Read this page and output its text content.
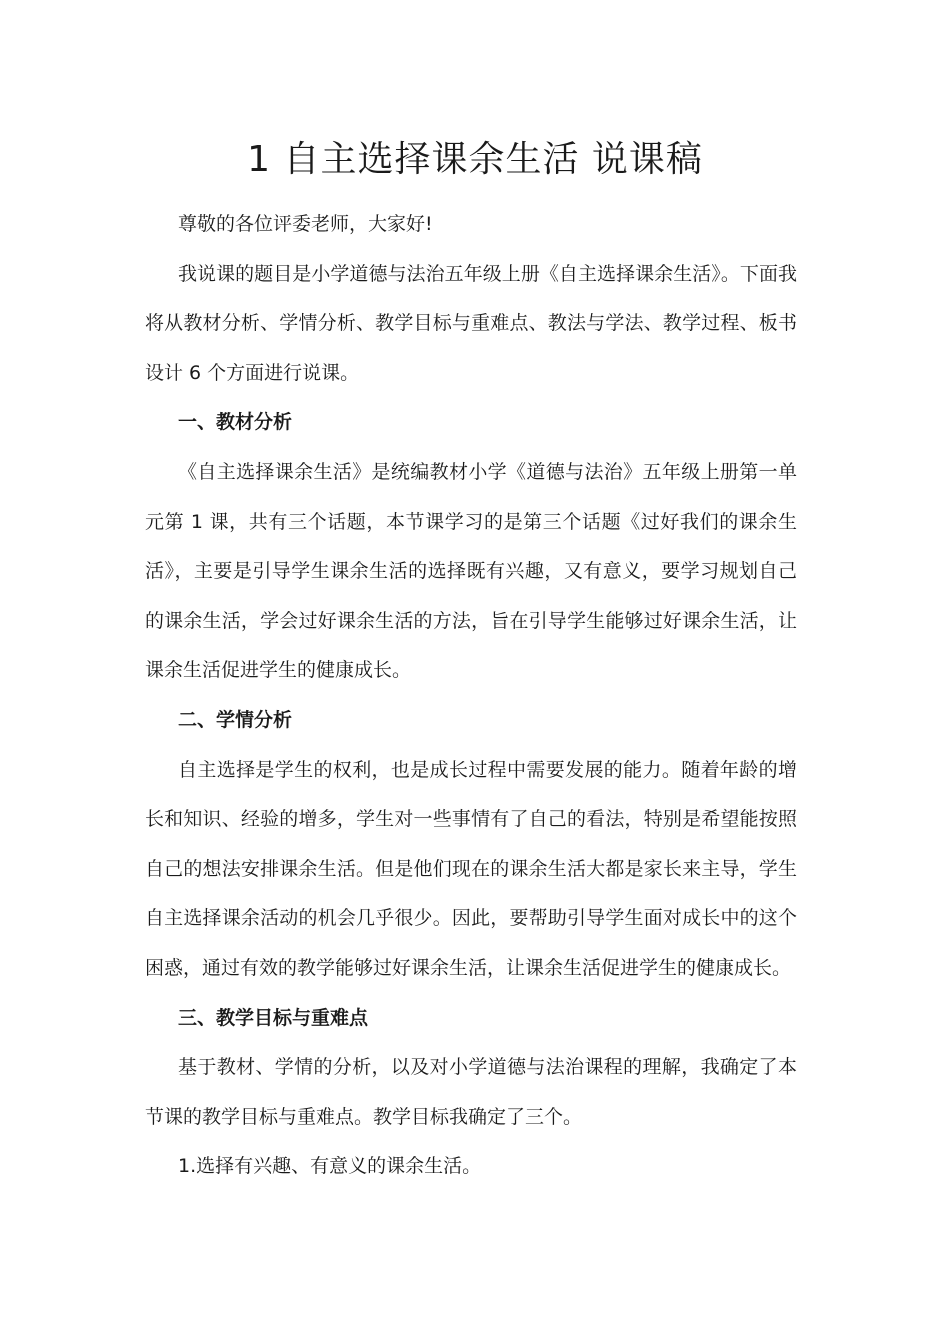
1 自主选择课余生活 说课稿

尊敬的各位评委老师，大家好!

我说课的题目是小学道德与法治五年级上册《自主选择课余生活》。下面我将从教材分析、学情分析、教学目标与重难点、教法与学法、教学过程、板书设计 6 个方面进行说课。

一、教材分析

《自主选择课余生活》是统编教材小学《道德与法治》五年级上册第一单元第 1 课，共有三个话题，本节课学习的是第三个话题《过好我们的课余生活》，主要是引导学生课余生活的选择既有兴趣，又有意义，要学习规划自己的课余生活，学会过好课余生活的方法，旨在引导学生能够过好课余生活，让课余生活促进学生的健康成长。

二、学情分析

自主选择是学生的权利，也是成长过程中需要发展的能力。随着年龄的增长和知识、经验的增多，学生对一些事情有了自己的看法，特别是希望能按照自己的想法安排课余生活。但是他们现在的课余生活大都是家长来主导，学生自主选择课余活动的机会几乎很少。因此，要帮助引导学生面对成长中的这个困惑，通过有效的教学能够过好课余生活，让课余生活促进学生的健康成长。

三、教学目标与重难点

基于教材、学情的分析，以及对小学道德与法治课程的理解，我确定了本节课的教学目标与重难点。教学目标我确定了三个。

1.选择有兴趣、有意义的课余生活。
